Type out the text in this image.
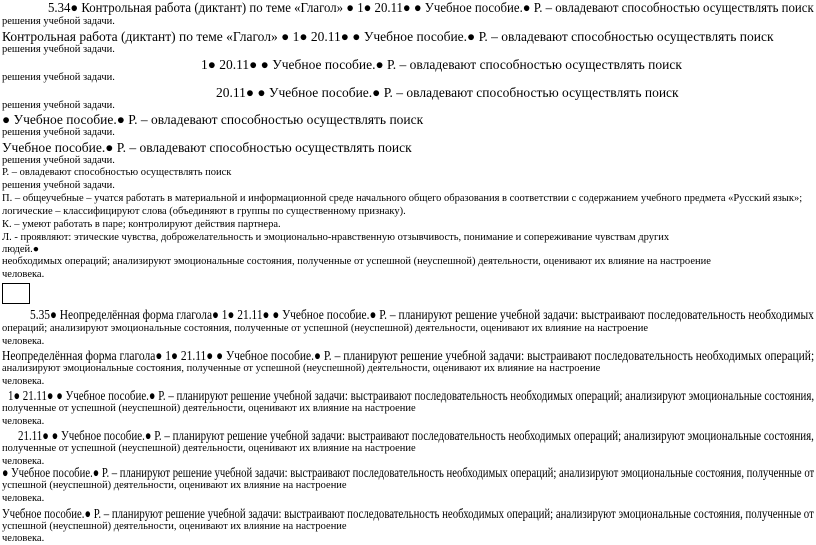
5.34● Контрольная работа (диктант) по теме «Глагол» ● 1● 20.11● ● Учебное пособие.● Р. – овладевают способностью осуществлять поиск
решения учебной задачи.
Контрольная работа (диктант) по теме «Глагол» ● 1● 20.11● ● Учебное пособие.● Р. – овладевают способностью осуществлять поиск
решения учебной задачи.
1● 20.11● ● Учебное пособие.● Р. – овладевают способностью осуществлять поиск
решения учебной задачи.
20.11● ● Учебное пособие.● Р. – овладевают способностью осуществлять поиск
решения учебной задачи.
● Учебное пособие.● Р. – овладевают способностью осуществлять поиск
решения учебной задачи.
Учебное пособие.● Р. – овладевают способностью осуществлять поиск
решения учебной задачи.
Р. – овладевают способностью осуществлять поиск
решения учебной задачи.
П. – общеучебные – учатся работать в материальной и информационной среде начального общего образования в соответствии с содержанием учебного предмета «Русский язык»;
логические – классифицируют слова (объединяют в группы по существенному признаку).
К. – умеют работать в паре; контролируют действия партнера.
Л. - проявляют: этические чувства, доброжелательность и эмоционально-нравственную отзывчивость, понимание и сопереживание чувствам других
людей.●
необходимых операций; анализируют эмоциональные состояния, полученные от успешной (неуспешной) деятельности, оценивают их влияние на настроение
человека.
5.35● Неопределённая форма глагола● 1● 21.11● ● Учебное пособие.● Р. – планируют решение учебной задачи: выстраивают последовательность необходимых
операций; анализируют эмоциональные состояния, полученные от успешной (неуспешной) деятельности, оценивают их влияние на настроение
человека.
Неопределённая форма глагола● 1● 21.11● ● Учебное пособие.● Р. – планируют решение учебной задачи: выстраивают последовательность необходимых операций;
анализируют эмоциональные состояния, полученные от успешной (неуспешной) деятельности, оценивают их влияние на настроение
человека.
1● 21.11● ● Учебное пособие.● Р. – планируют решение учебной задачи: выстраивают последовательность необходимых операций; анализируют эмоциональные состояния,
полученные от успешной (неуспешной) деятельности, оценивают их влияние на настроение
человека.
21.11● ● Учебное пособие.● Р. – планируют решение учебной задачи: выстраивают последовательность необходимых операций; анализируют эмоциональные состояния,
полученные от успешной (неуспешной) деятельности, оценивают их влияние на настроение
человека.
● Учебное пособие.● Р. – планируют решение учебной задачи: выстраивают последовательность необходимых операций; анализируют эмоциональные состояния, полученные от
успешной (неуспешной) деятельности, оценивают их влияние на настроение
человека.
Учебное пособие.● Р. – планируют решение учебной задачи: выстраивают последовательность необходимых операций; анализируют эмоциональные состояния, полученные от
успешной (неуспешной) деятельности, оценивают их влияние на настроение
человека.
